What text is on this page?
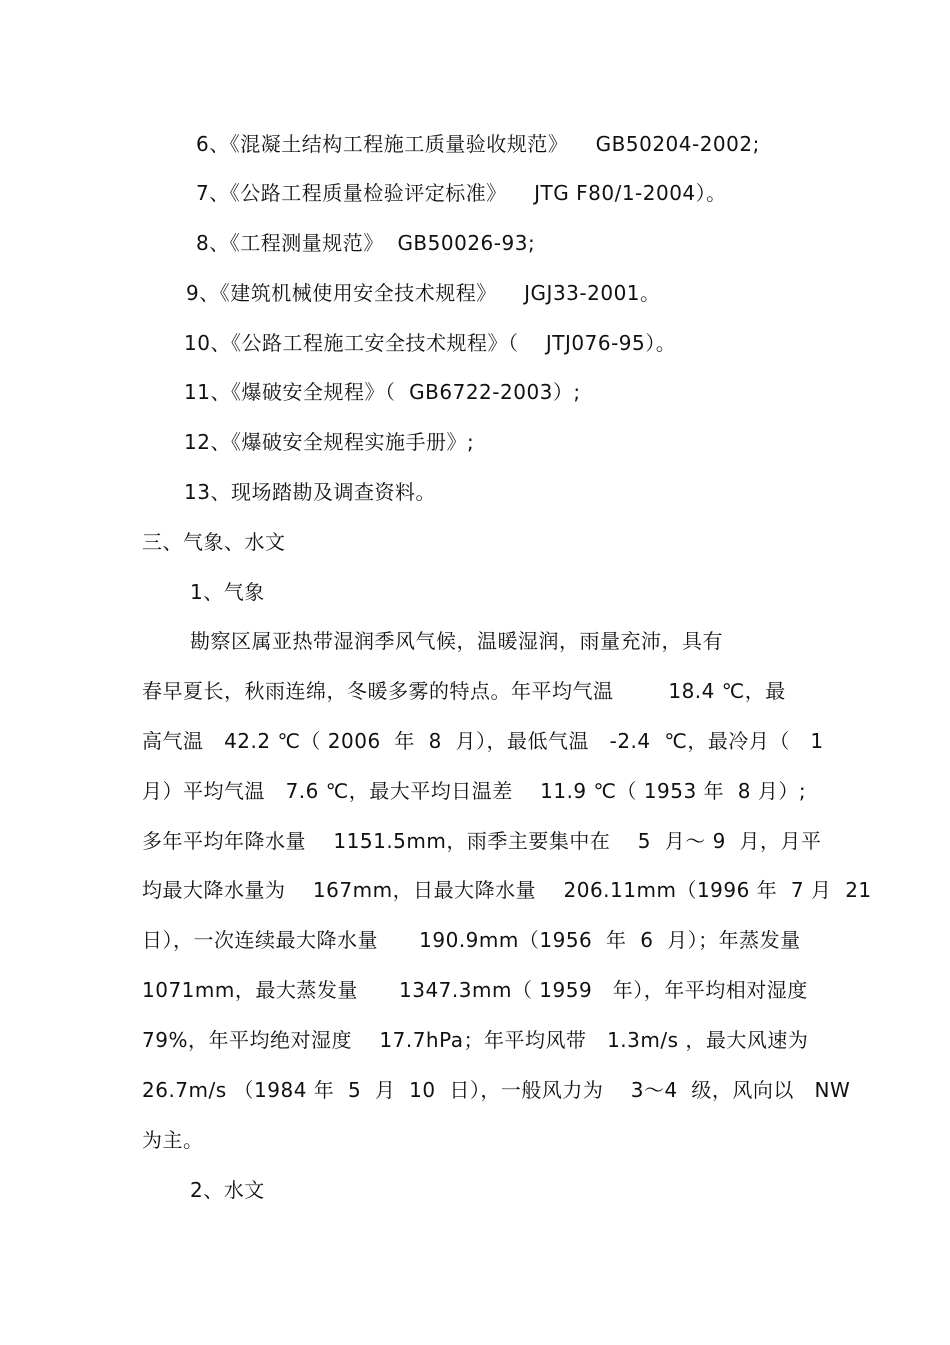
6、《混凝土结构工程施工质量验收规范》    GB50204-2002;

7、《公路工程质量检验评定标准》    JTG F80/1-2004）。

8、《工程测量规范》  GB50026-93;

9、《建筑机械使用安全技术规程》    JGJ33-2001。

10、《公路工程施工安全技术规程》（    JTJ076-95）。

11、《爆破安全规程》（  GB6722-2003）;

12、《爆破安全规程实施手册》;

13、现场踏勘及调查资料。

三、气象、水文

1、气象

勘察区属亚热带湿润季风气候，温暖湿润，雨量充沛，具有

春早夏长，秋雨连绵，冬暖多雾的特点。年平均气温        18.4 ℃，最

高气温   42.2 ℃（ 2006  年  8  月），最低气温   -2.4  ℃，最冷月（   1

月）平均气温   7.6 ℃，最大平均日温差    11.9 ℃（ 1953 年  8 月）;

多年平均年降水量    1151.5mm，雨季主要集中在    5  月～ 9  月，月平

均最大降水量为    167mm，日最大降水量    206.11mm（1996 年  7 月  21

日），一次连续最大降水量      190.9mm（1956  年  6  月）；年蒸发量

1071mm，最大蒸发量      1347.3mm（ 1959   年），年平均相对湿度

79%，年平均绝对湿度    17.7hPa；年平均风带   1.3m/s ，最大风速为

26.7m/s （1984 年  5  月  10  日），一般风力为    3～4  级，风向以   NW

为主。

2、水文
